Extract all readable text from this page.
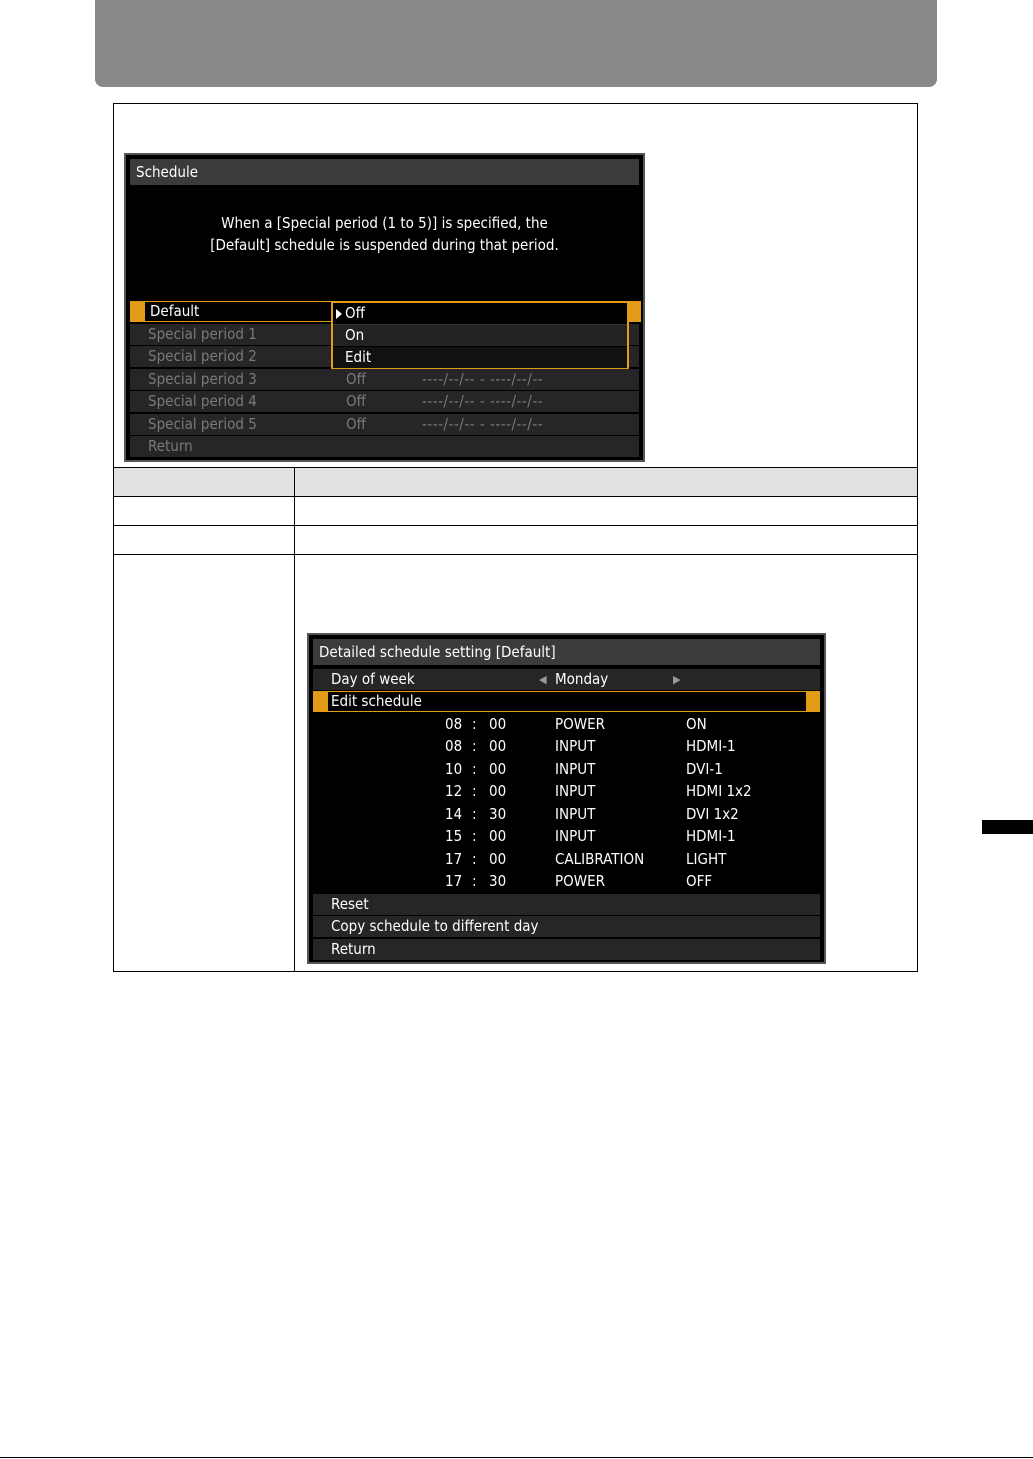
Schedule
When a [Special period (1 to 5)] is specified, the
[Default] schedule is suspended during that period.
Default
Special period 1
Special period 2
Special period 3	Off	----/--/-- - ----/--/--
Special period 4	Off	----/--/-- - ----/--/--
Special period 5	Off	----/--/-- - ----/--/--
Return
Off
On
Edit
Detailed schedule setting [Default]
Day of week	◀ Monday	▶
Edit schedule
08 : 00	POWER	ON
08 : 00	INPUT	HDMI-1
10 : 00	INPUT	DVI-1
12 : 00	INPUT	HDMI 1x2
14 : 30	INPUT	DVI 1x2
15 : 00	INPUT	HDMI-1
17 : 00	CALIBRATION	LIGHT
17 : 30	POWER	OFF
Reset
Copy schedule to different day
Return
